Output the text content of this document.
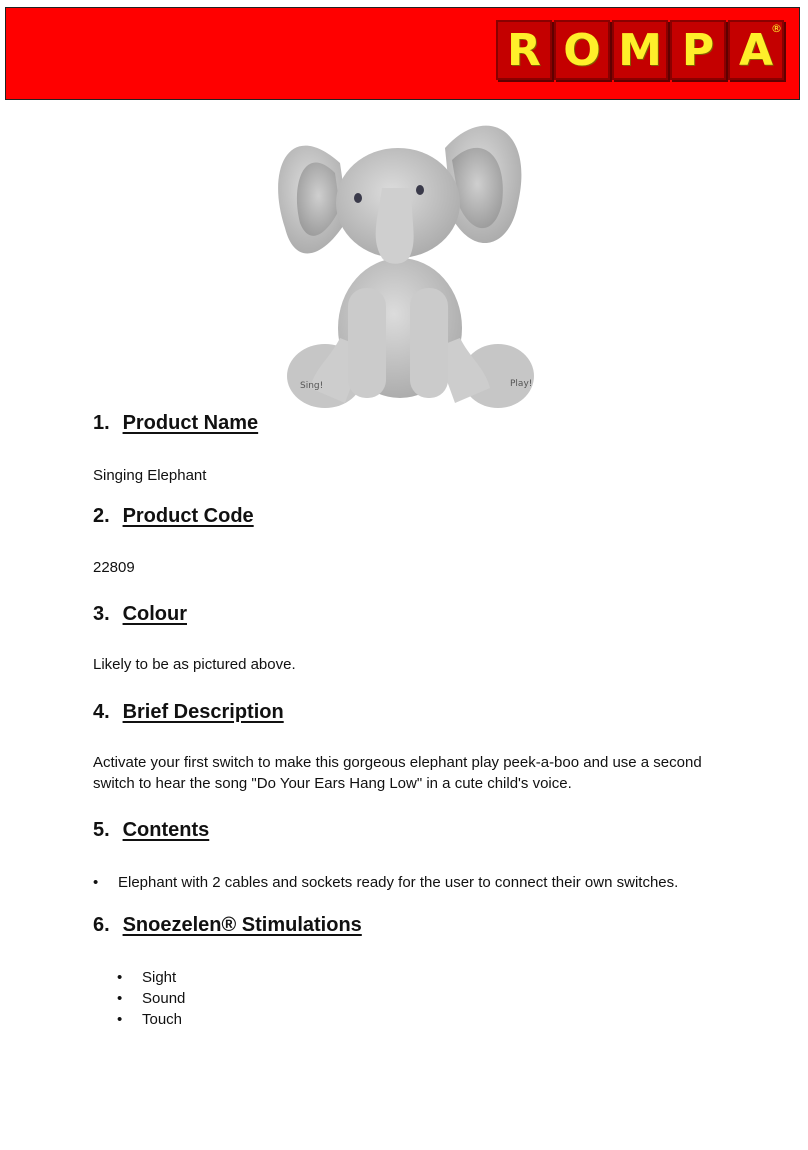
R O M P A
®
Sing!	Play!
1. Product Name

Singing Elephant

2. Product Code

22809

3. Colour

Likely to be as pictured above.

4. Brief Description

Activate your first switch to make this gorgeous elephant play peek-a-boo and use a second switch to hear the song "Do Your Ears Hang Low" in a cute child's voice.

5. Contents
• Elephant with 2 cables and sockets ready for the user to connect their own switches.
6. Snoezelen® Stimulations
• Sight
• Sound
• Touch
